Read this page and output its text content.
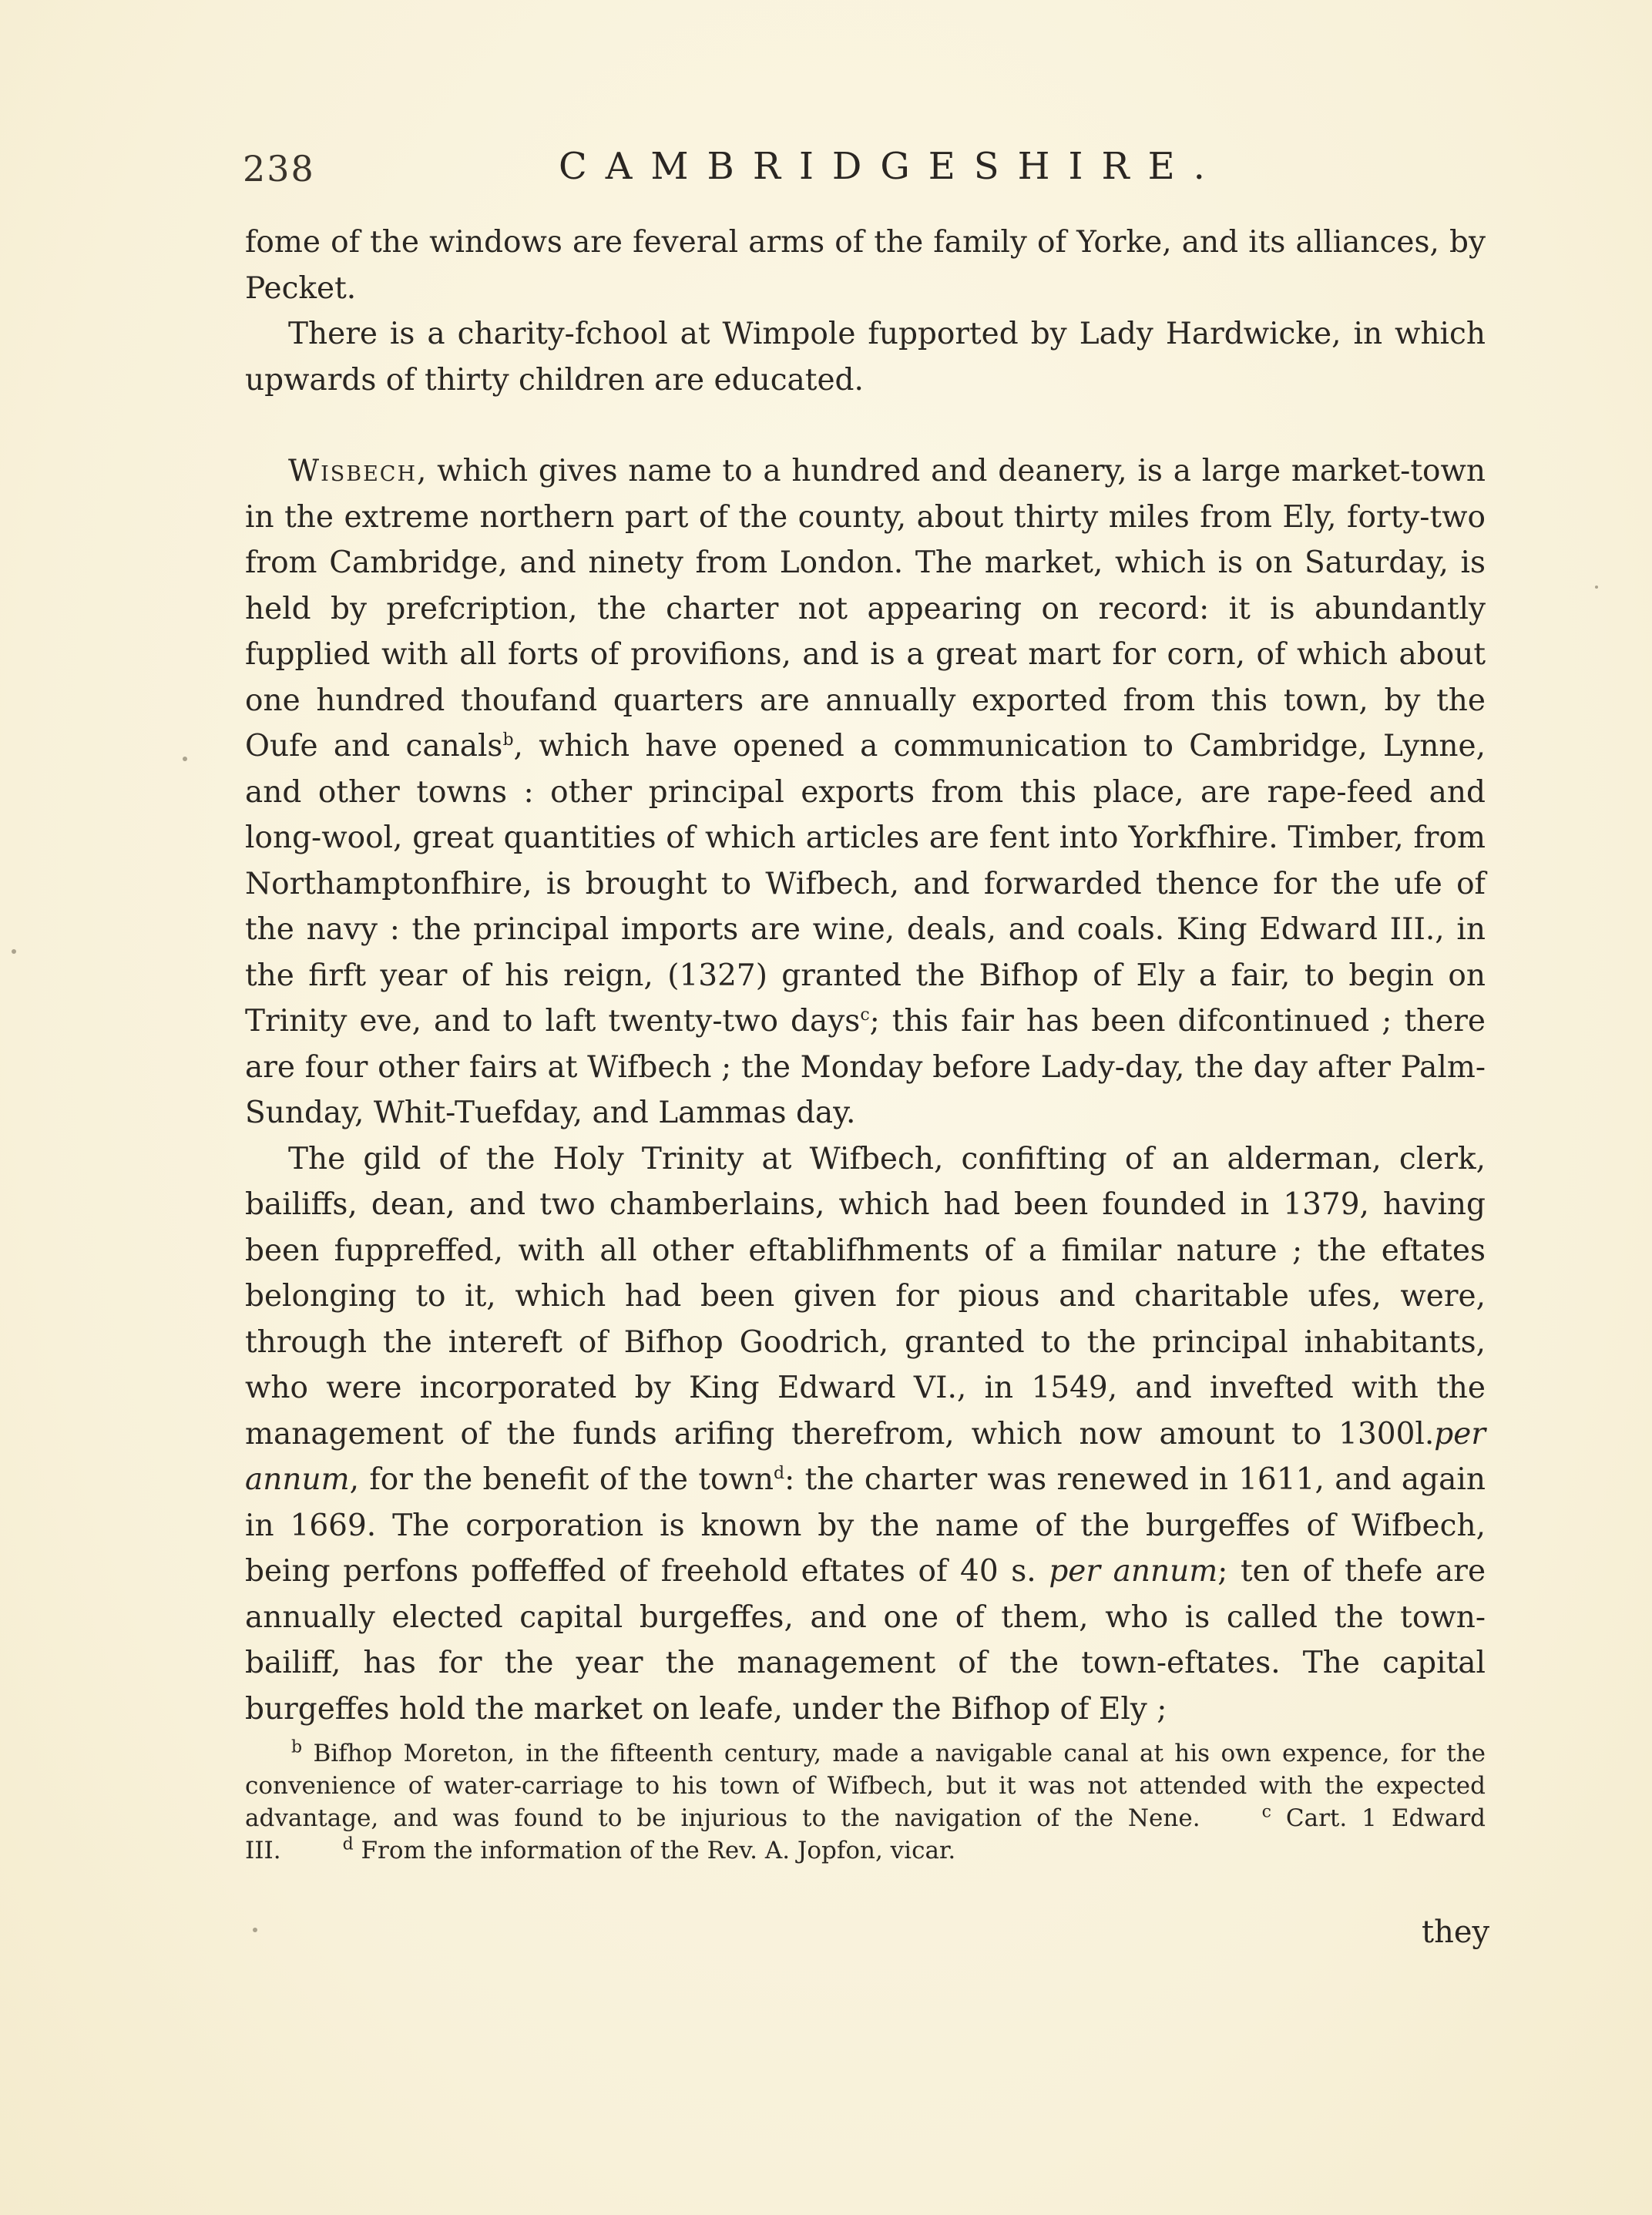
238	CAMBRIDGESHIRE.

fome of the windows are feveral arms of the family of Yorke, and its alliances, by Pecket.

There is a charity-fchool at Wimpole fupported by Lady Hardwicke, in which upwards of thirty children are educated.

Wisbech, which gives name to a hundred and deanery, is a large market-town in the extreme northern part of the county, about thirty miles from Ely, forty-two from Cambridge, and ninety from London. The market, which is on Saturday, is held by prefcription, the charter not appearing on record: it is abundantly fupplied with all forts of provifions, and is a great mart for corn, of which about one hundred thoufand quarters are annually exported from this town, by the Oufe and canals$^b$, which have opened a communication to Cambridge, Lynne, and other towns : other principal exports from this place, are rape-feed and long-wool, great quantities of which articles are fent into Yorkfhire. Timber, from Northamptonfhire, is brought to Wifbech, and forwarded thence for the ufe of the navy : the principal imports are wine, deals, and coals. King Edward III., in the firft year of his reign, (1327) granted the Bifhop of Ely a fair, to begin on Trinity eve, and to laft twenty-two days$^c$; this fair has been difcontinued ; there are four other fairs at Wifbech ; the Monday before Lady-day, the day after Palm-Sunday, Whit-Tuefday, and Lammas day.

The gild of the Holy Trinity at Wifbech, confifting of an alderman, clerk, bailiffs, dean, and two chamberlains, which had been founded in 1379, having been fuppreffed, with all other eftablifhments of a fimilar nature ; the eftates belonging to it, which had been given for pious and charitable ufes, were, through the intereft of Bifhop Goodrich, granted to the principal inhabitants, who were incorporated by King Edward VI., in 1549, and invefted with the management of the funds arifing therefrom, which now amount to 1300l.per annum, for the benefit of the town$^d$: the charter was renewed in 1611, and again in 1669. The corporation is known by the name of the burgeffes of Wifbech, being perfons poffeffed of freehold eftates of 40 s. per annum; ten of thefe are annually elected capital burgeffes, and one of them, who is called the town-bailiff, has for the year the management of the town-eftates. The capital burgeffes hold the market on leafe, under the Bifhop of Ely ;

$^b$ Bifhop Moreton, in the fifteenth century, made a navigable canal at his own expence, for the convenience of water-carriage to his town of Wifbech, but it was not attended with the expected advantage, and was found to be injurious to the navigation of the Nene.	$^c$ Cart. 1 Edward III.	$^d$ From the information of the Rev. A. Jopfon, vicar.

they
